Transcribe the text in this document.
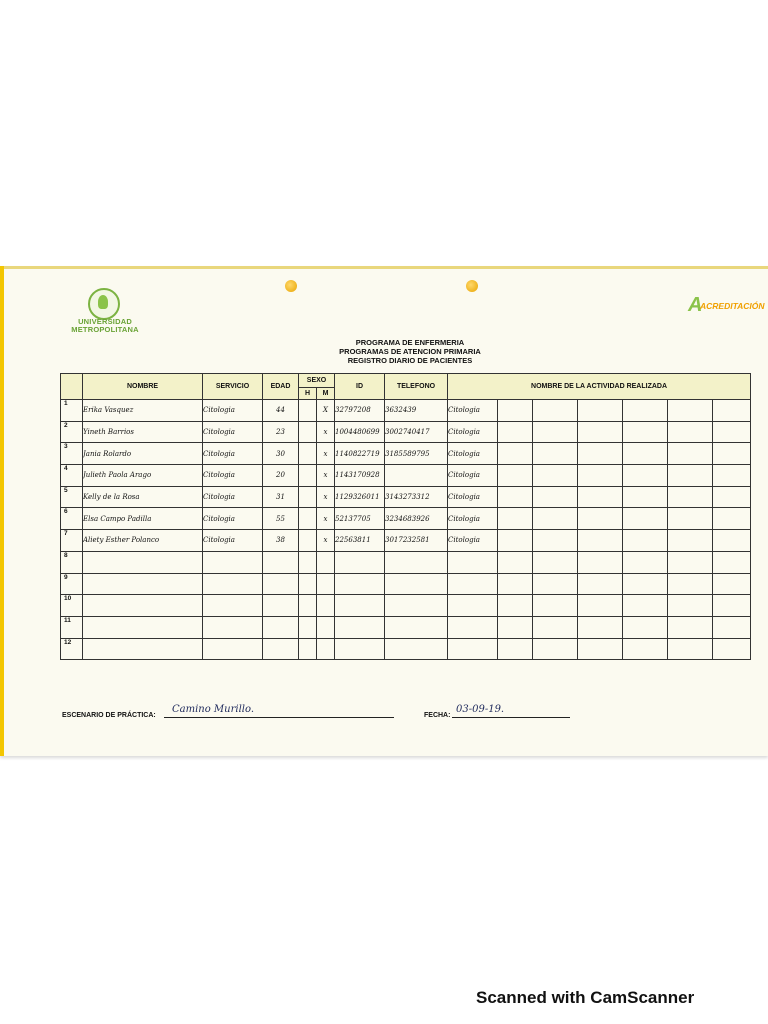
UNIVERSIDAD METROPOLITANA
A
ACREDITACIÓN
PROGRAMA DE ENFERMERIA
PROGRAMAS DE ATENCION PRIMARIA
REGISTRO DIARIO DE PACIENTES
	NOMBRE	SERVICIO	EDAD	SEXO		ID	TELEFONO	NOMBRE DE LA ACTIVIDAD REALIZADA						
				H	M									
1	Erika Vasquez	Citologia	44		X	32797208	3632439	Citologia						
2	Yineth Barrios	Citologia	23		x	1004480699	3002740417	Citologia						
3	Jania Rolardo	Citologia	30		x	1140822719	3185589795	Citologia						
4	Julieth Paola Arago	Citologia	20		x	1143170928		Citologia						
5	Kelly de la Rosa	Citologia	31		x	1129326011	3143273312	Citologia						
6	Elsa Campo Padilla	Citologia	55		x	52137705	3234683926	Citologia						
7	Aliety Esther Polanco	Citologia	38		x	22563811	3017232581	Citologia						
8														
9														
10														
11														
12														
ESCENARIO DE PRÁCTICA:
Camino Murillo.
FECHA:
03-09-19.
Scanned with CamScanner
